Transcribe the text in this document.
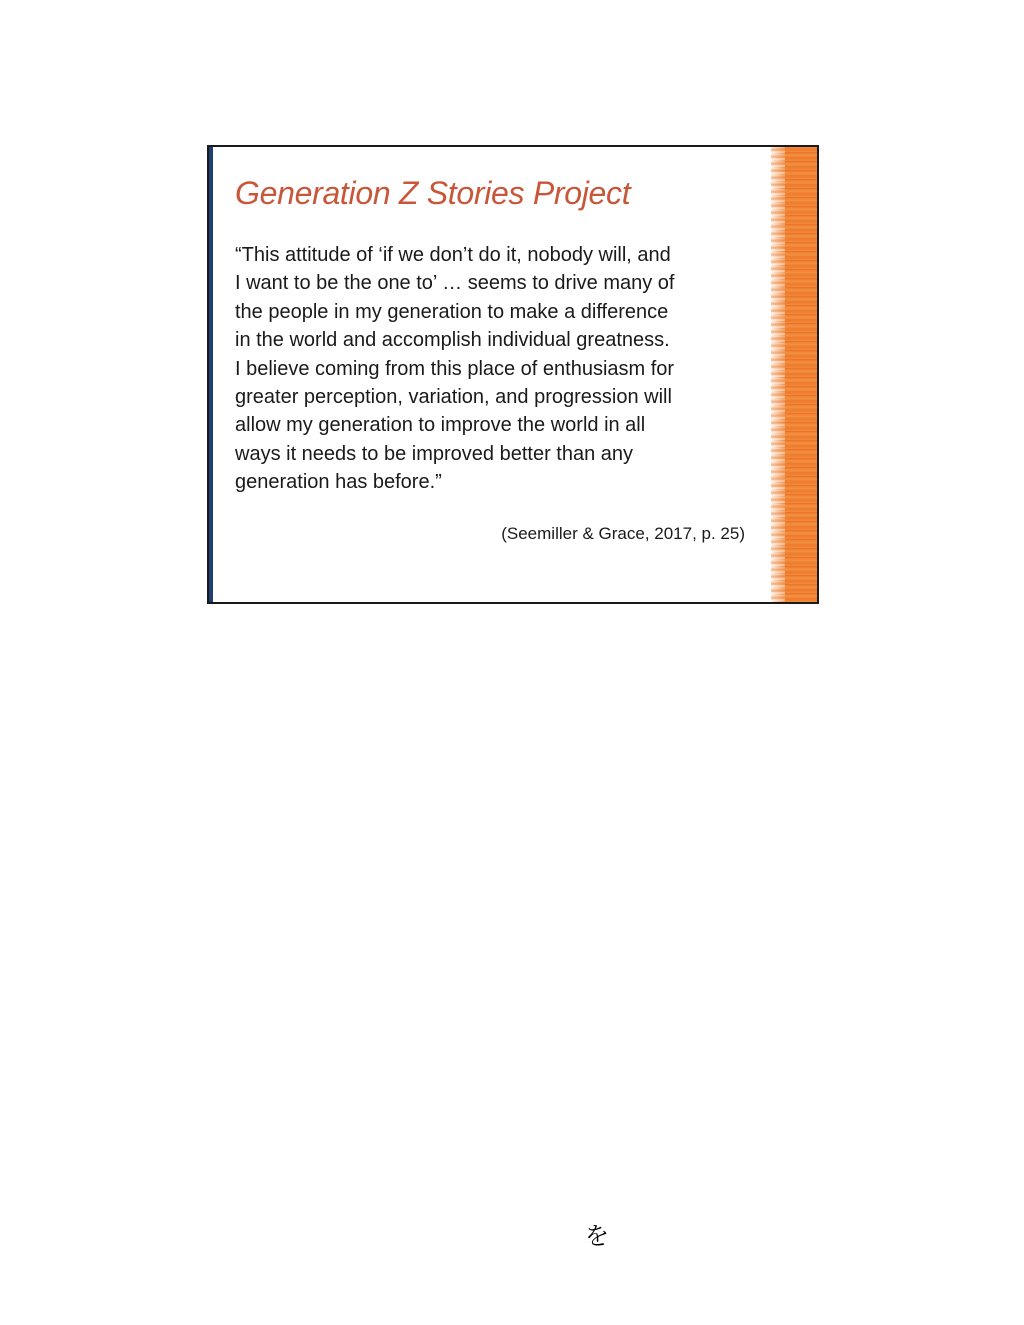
Generation Z Stories Project

“This attitude of ‘if we don’t do it, nobody will, and
I want to be the one to’ … seems to drive many of
the people in my generation to make a difference
in the world and accomplish individual greatness.
I believe coming from this place of enthusiasm for
greater perception, variation, and progression will
allow my generation to improve the world in all
ways it needs to be improved better than any
generation has before.”

(Seemiller & Grace, 2017, p. 25)

を
